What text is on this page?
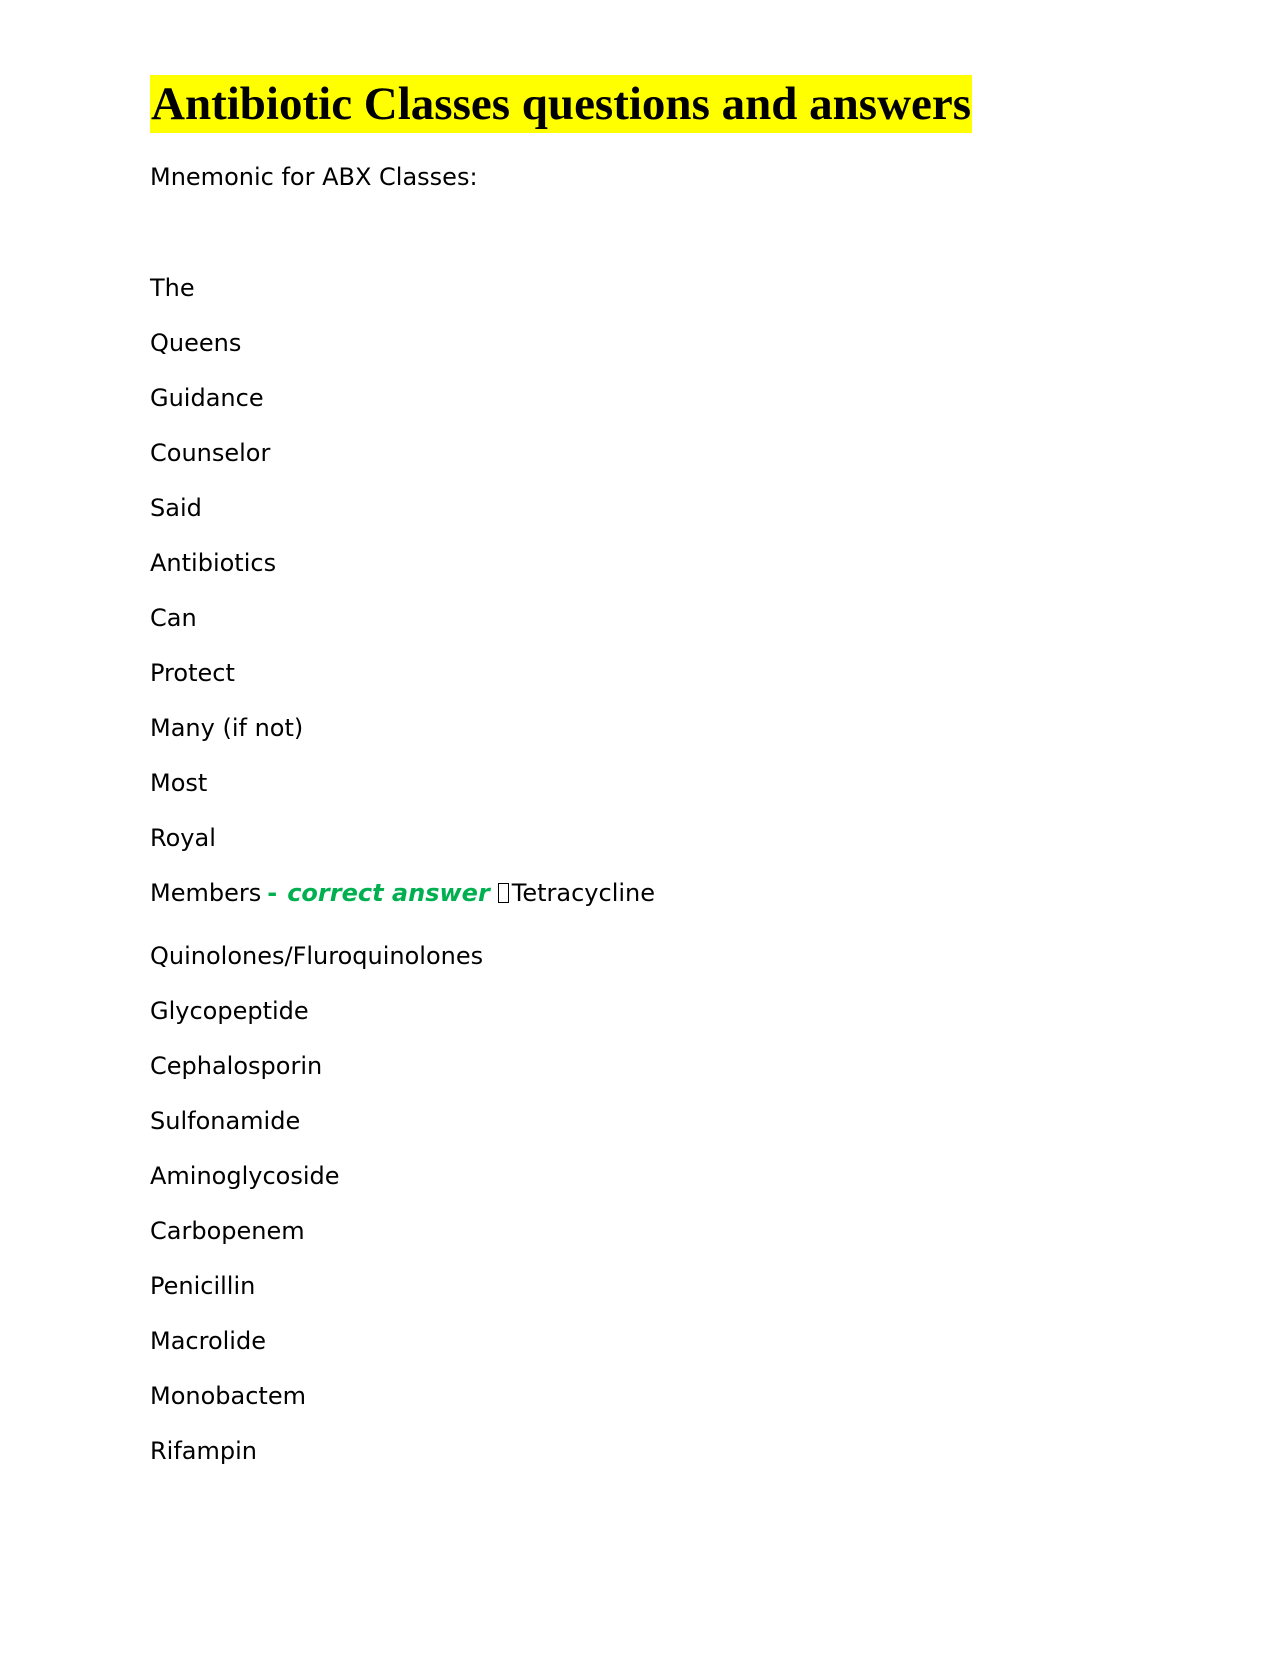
Antibiotic Classes questions and answers
Mnemonic for ABX Classes:
The
Queens
Guidance
Counselor
Said
Antibiotics
Can
Protect
Many (if not)
Most
Royal
Members - correct answer Tetracycline
Quinolones/Fluroquinolones
Glycopeptide
Cephalosporin
Sulfonamide
Aminoglycoside
Carbopenem
Penicillin
Macrolide
Monobactem
Rifampin
